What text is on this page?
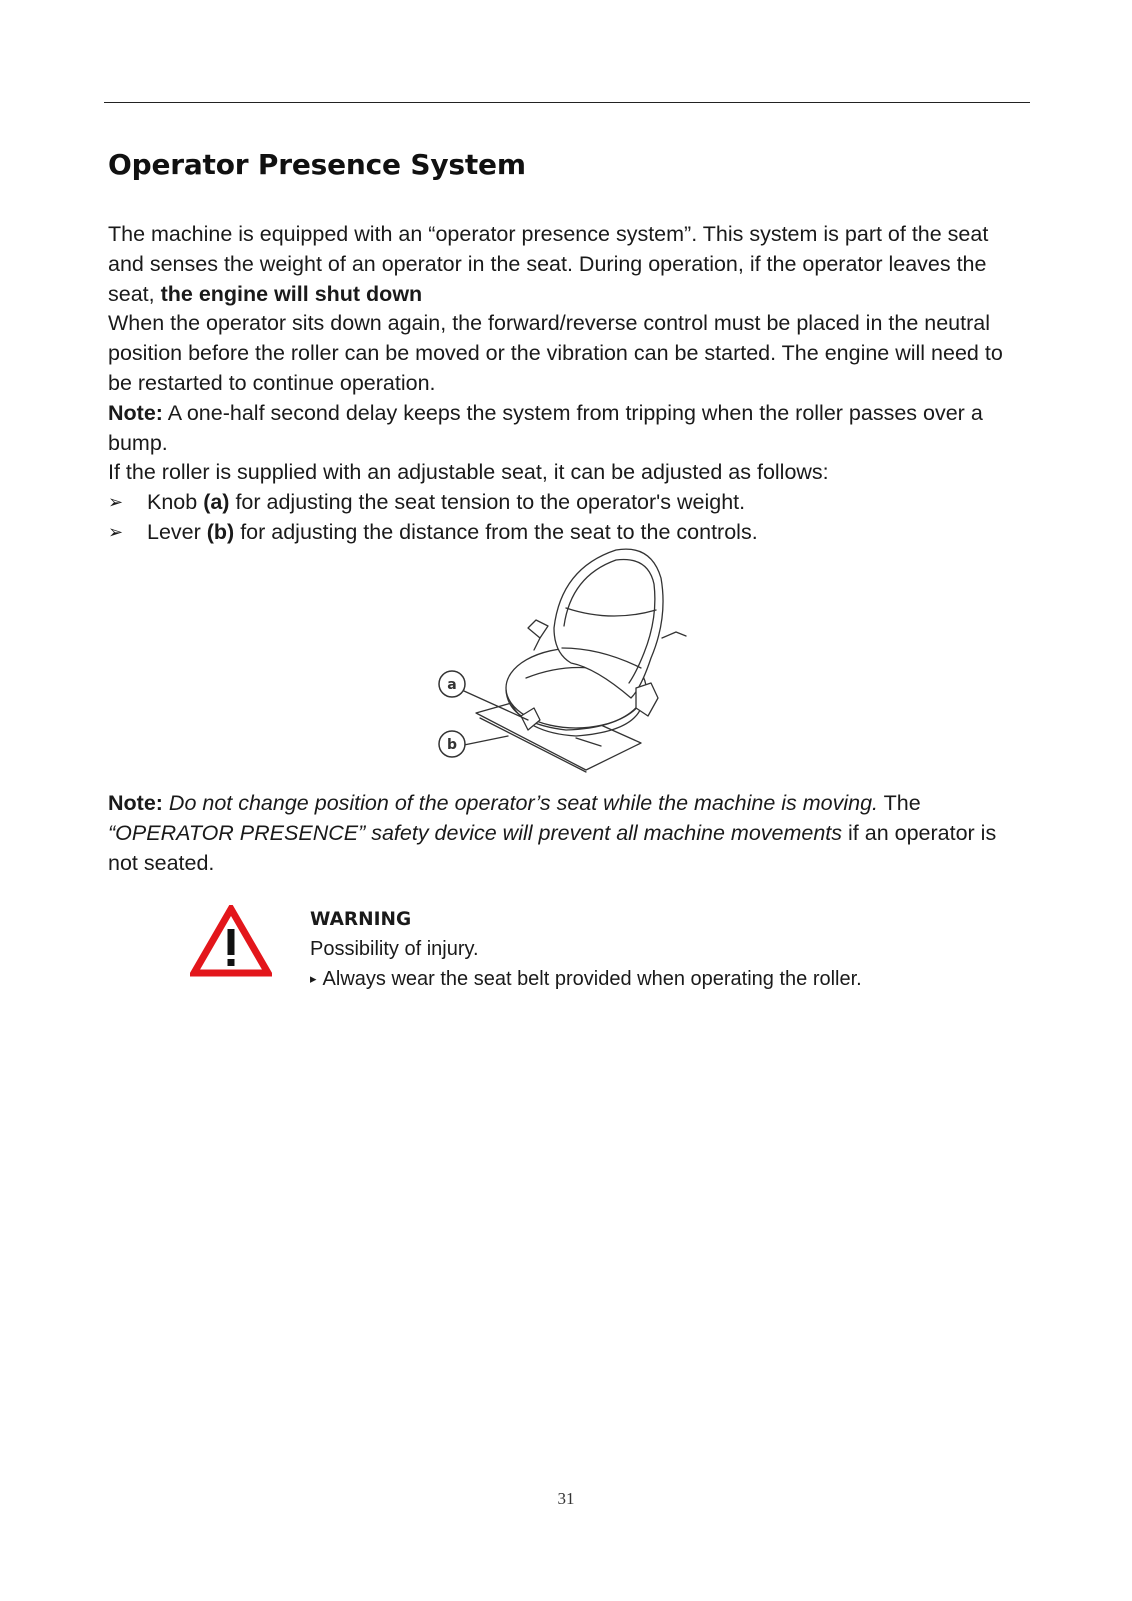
Operator Presence System

The machine is equipped with an “operator presence system”. This system is part of the seat and senses the weight of an operator in the seat. During operation, if the operator leaves the seat, the engine will shut down

When the operator sits down again, the forward/reverse control must be placed in the neutral position before the roller can be moved or the vibration can be started. The engine will need to be restarted to continue operation.

Note: A one-half second delay keeps the system from tripping when the roller passes over a bump.

If the roller is supplied with an adjustable seat, it can be adjusted as follows:

➢ Knob (a) for adjusting the seat tension to the operator's weight.
➢ Lever (b) for adjusting the distance from the seat to the controls.
a
b

Note: Do not change position of the operator’s seat while the machine is moving. The “OPERATOR PRESENCE” safety device will prevent all machine movements if an operator is not seated.

WARNING

Possibility of injury.

▸ Always wear the seat belt provided when operating the roller.

31
